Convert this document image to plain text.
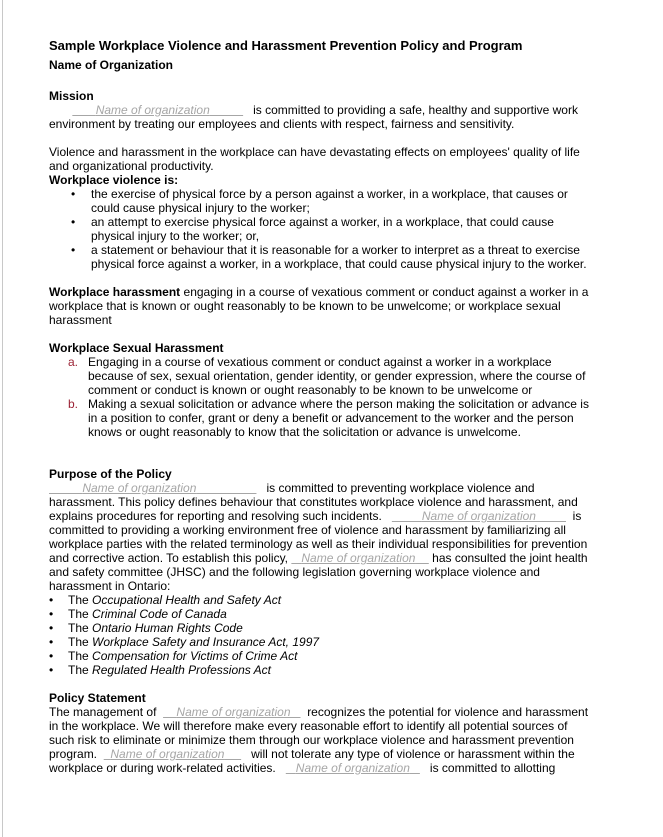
Sample Workplace Violence and Harassment Prevention Policy and Program
Name of Organization
Mission

Name of organization	is committed to providing a safe, healthy and supportive work environment by treating our employees and clients with respect, fairness and sensitivity.

Violence and harassment in the workplace can have devastating effects on employees' quality of life and organizational productivity.

Workplace violence is:
• the exercise of physical force by a person against a worker, in a workplace, that causes or could cause physical injury to the worker;
• an attempt to exercise physical force against a worker, in a workplace, that could cause physical injury to the worker; or,
• a statement or behaviour that it is reasonable for a worker to interpret as a threat to exercise physical force against a worker, in a workplace, that could cause physical injury to the worker.

Workplace harassment engaging in a course of vexatious comment or conduct against a worker in a workplace that is known or ought reasonably to be known to be unwelcome; or workplace sexual harassment

Workplace Sexual Harassment
a. Engaging in a course of vexatious comment or conduct against a worker in a workplace because of sex, sexual orientation, gender identity, or gender expression, where the course of comment or conduct is known or ought reasonably to be known to be unwelcome or
b. Making a sexual solicitation or advance where the person making the solicitation or advance is in a position to confer, grant or deny a benefit or advancement to the worker and the person knows or ought reasonably to know that the solicitation or advance is unwelcome.
Purpose of the Policy

Name of organization	is committed to preventing workplace violence and harassment. This policy defines behaviour that constitutes workplace violence and harassment, and explains procedures for reporting and resolving such incidents.	Name of organization	is committed to providing a working environment free of violence and harassment by familiarizing all workplace parties with the related terminology as well as their individual responsibilities for prevention and corrective action. To establish this policy, Name of organization has consulted the joint health and safety committee (JHSC) and the following legislation governing workplace violence and harassment in Ontario:

• The Occupational Health and Safety Act
• The Criminal Code of Canada
• The Ontario Human Rights Code
• The Workplace Safety and Insurance Act, 1997
• The Compensation for Victims of Crime Act
• The Regulated Health Professions Act
Policy Statement

The management of Name of organization recognizes the potential for violence and harassment in the workplace. We will therefore make every reasonable effort to identify all potential sources of such risk to eliminate or minimize them through our workplace violence and harassment prevention program. Name of organization will not tolerate any type of violence or harassment within the workplace or during work-related activities. Name of organization is committed to allotting
